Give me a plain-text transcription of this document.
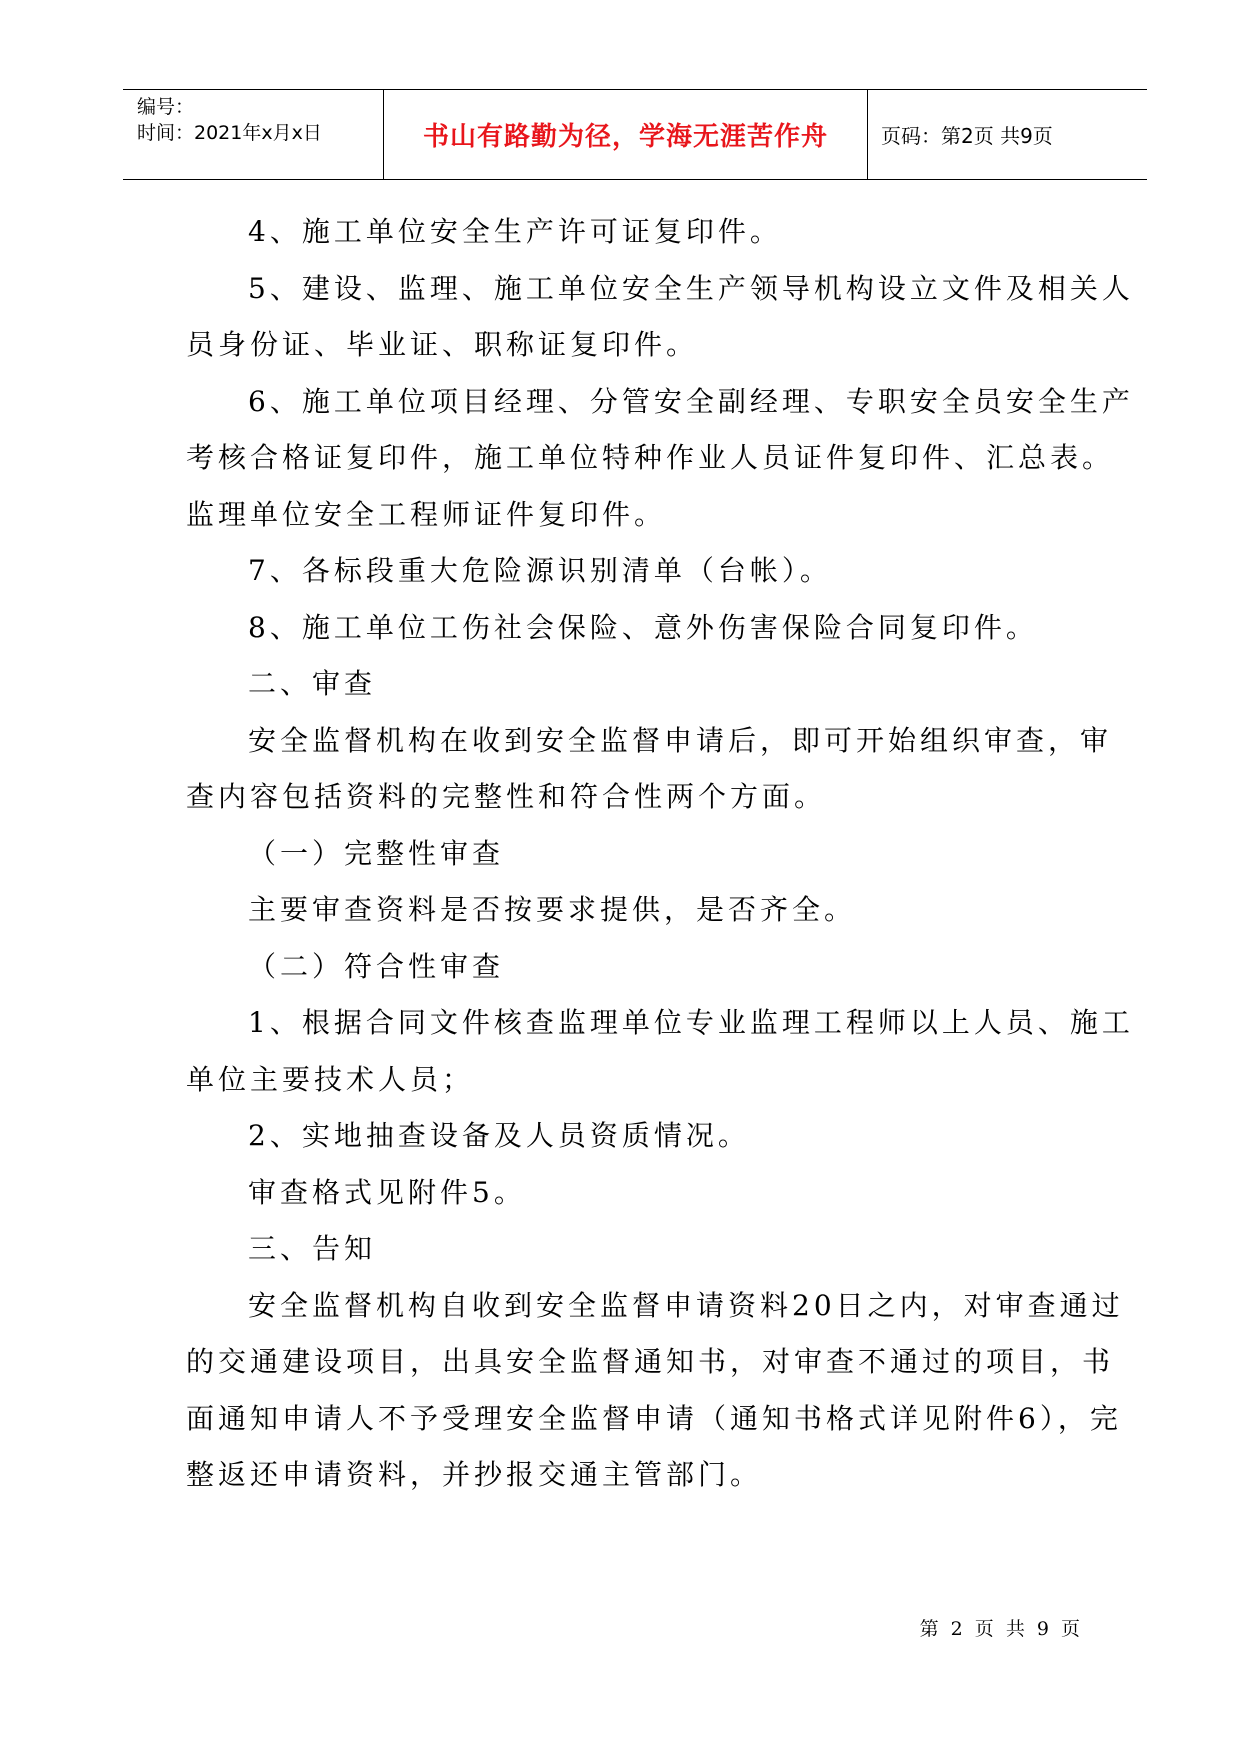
编号：
时间：2021年x月x日	书山有路勤为径，学海无涯苦作舟	页码：第2页 共9页

4、施工单位安全生产许可证复印件。

5、建设、监理、施工单位安全生产领导机构设立文件及相关人

员身份证、毕业证、职称证复印件。

6、施工单位项目经理、分管安全副经理、专职安全员安全生产

考核合格证复印件，施工单位特种作业人员证件复印件、汇总表。

监理单位安全工程师证件复印件。

7、各标段重大危险源识别清单（台帐）。

8、施工单位工伤社会保险、意外伤害保险合同复印件。

二、审查

安全监督机构在收到安全监督申请后，即可开始组织审查，审

查内容包括资料的完整性和符合性两个方面。

（一）完整性审查

主要审查资料是否按要求提供，是否齐全。

（二）符合性审查

1、根据合同文件核查监理单位专业监理工程师以上人员、施工

单位主要技术人员；

2、实地抽查设备及人员资质情况。

审查格式见附件5。

三、告知

安全监督机构自收到安全监督申请资料20日之内，对审查通过

的交通建设项目，出具安全监督通知书，对审查不通过的项目，书

面通知申请人不予受理安全监督申请（通知书格式详见附件6），完

整返还申请资料，并抄报交通主管部门。

第 2 页 共 9 页
